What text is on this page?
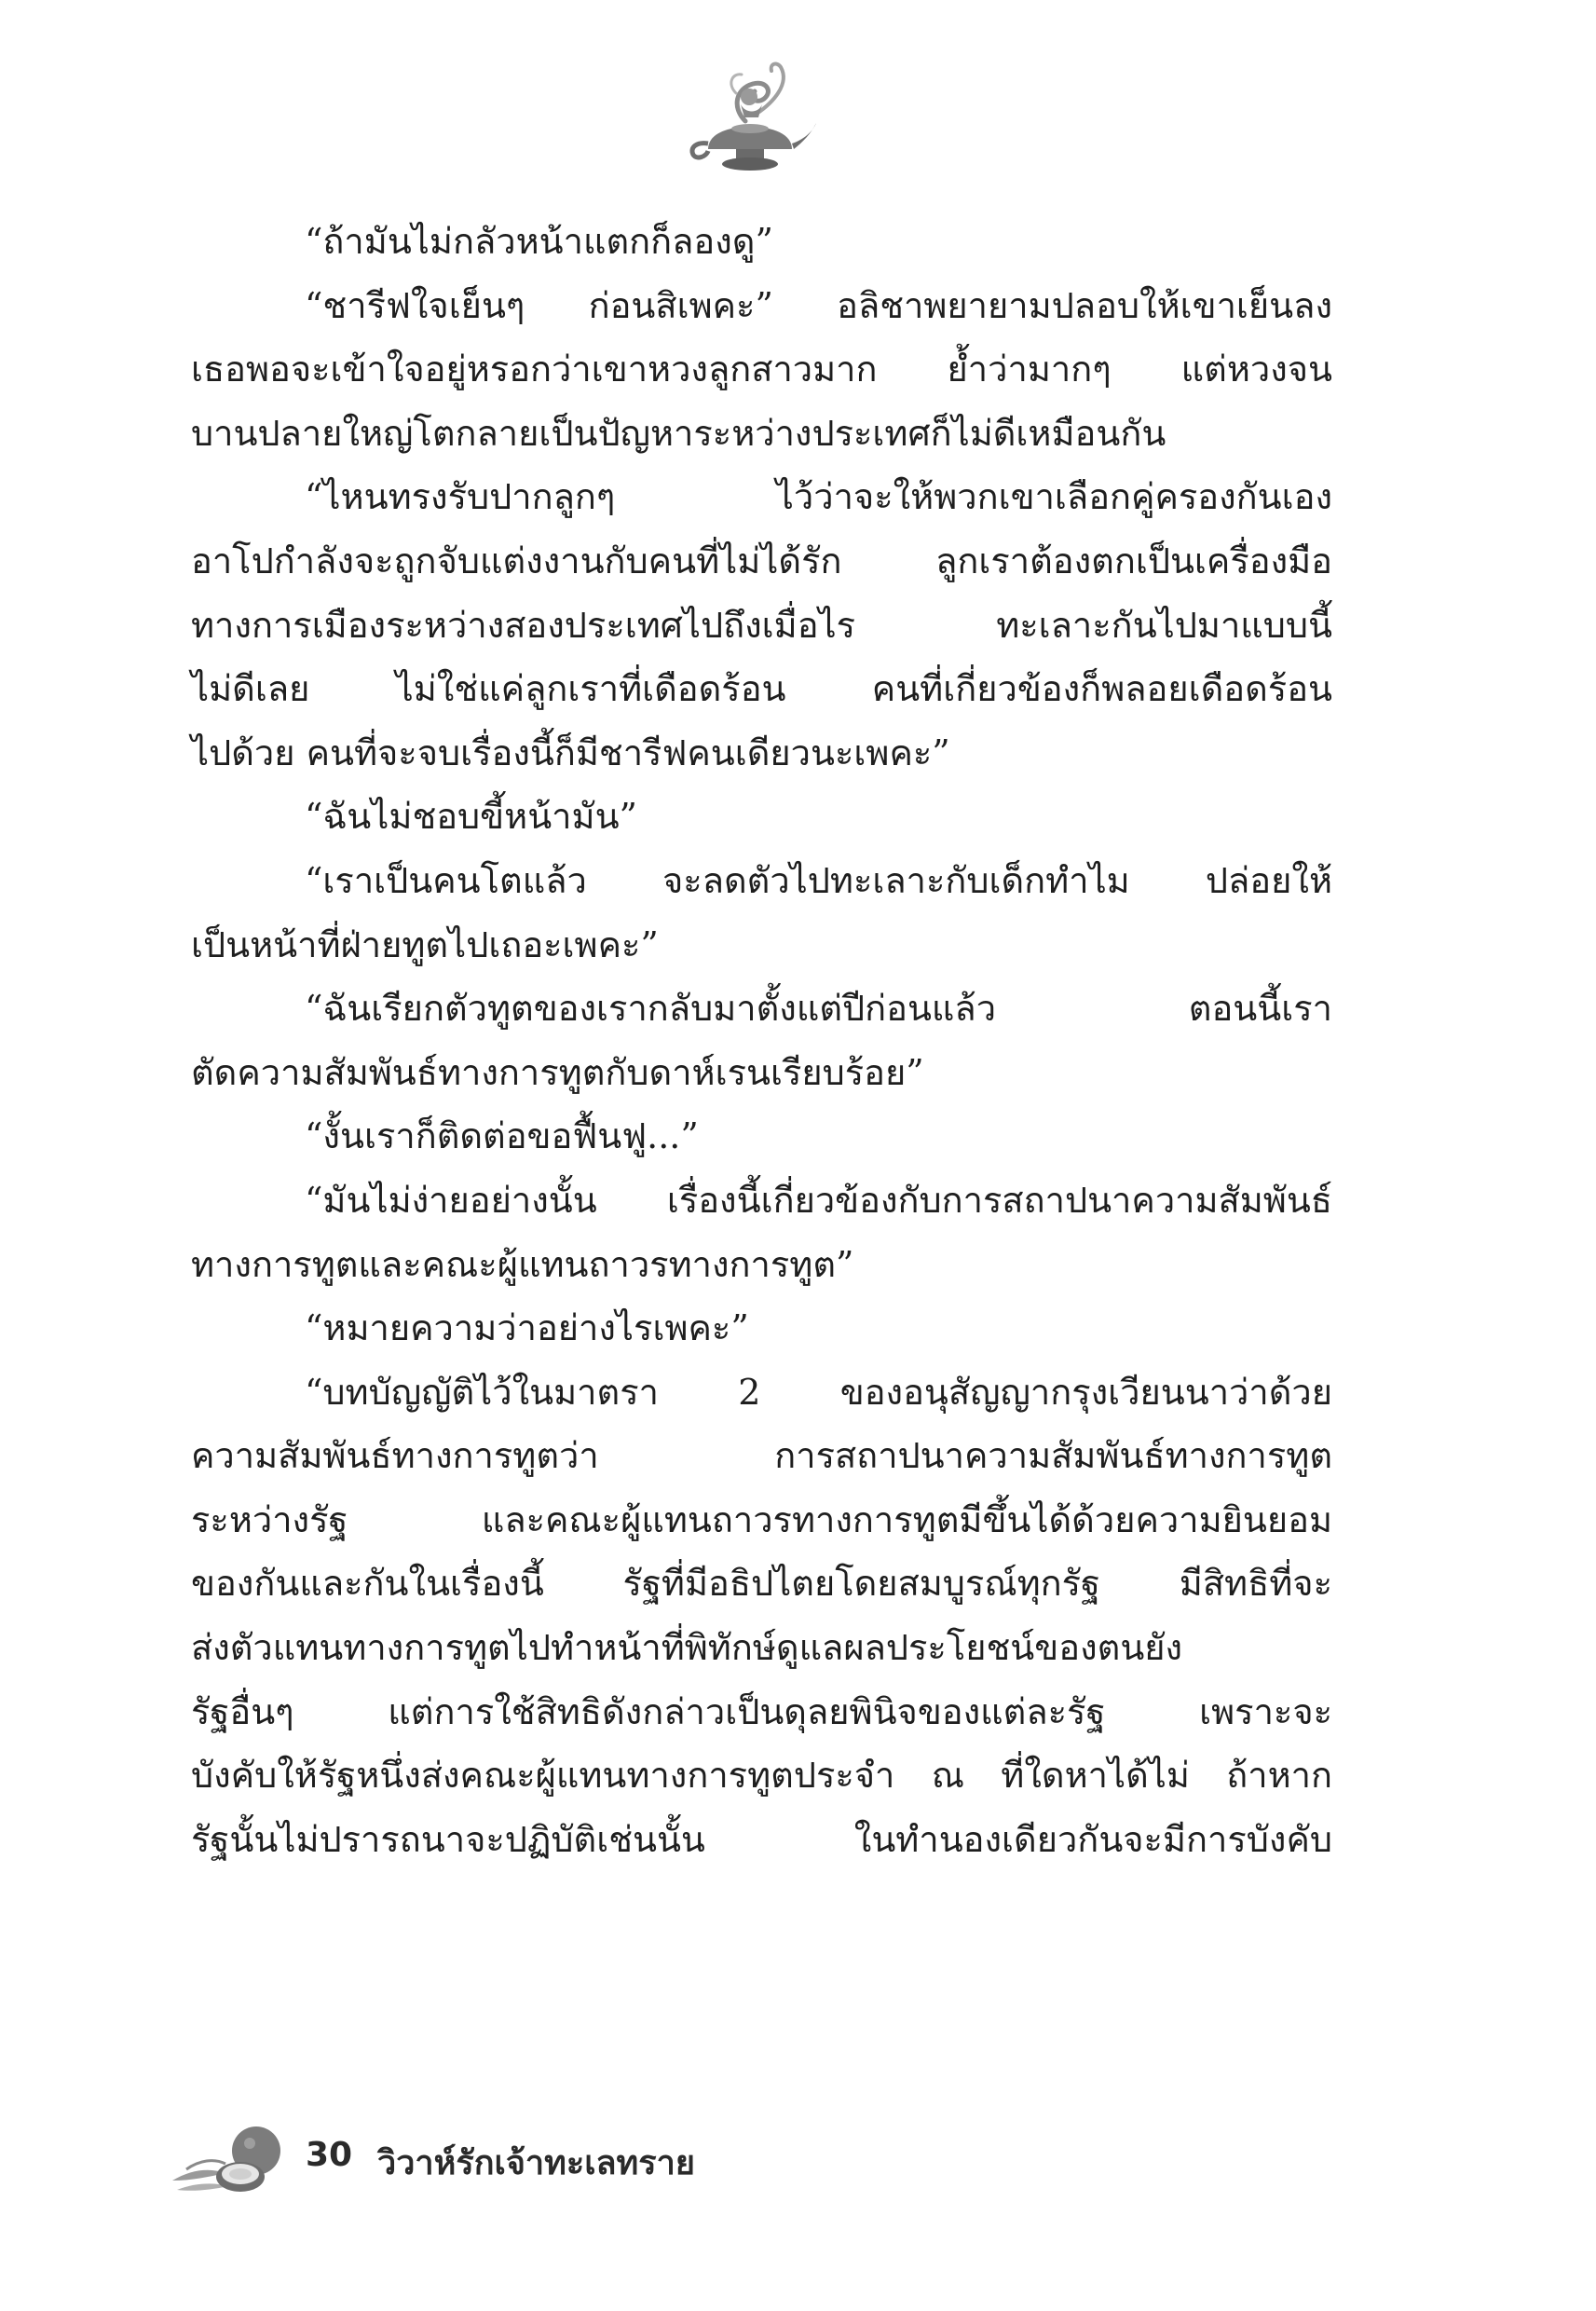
“ถ้ามันไม่กลัวหน้าแตกก็ลองดู”
“ชารีฟใจเย็นๆ ก่อนสิเพคะ” อลิชาพยายามปลอบให้เขาเย็นลง
เธอพอจะเข้าใจอยู่หรอกว่าเขาหวงลูกสาวมาก ย้ำว่ามากๆ แต่หวงจน
บานปลายใหญ่โตกลายเป็นปัญหาระหว่างประเทศก็ไม่ดีเหมือนกัน
“ไหนทรงรับปากลูกๆ ไว้ว่าจะให้พวกเขาเลือกคู่ครองกันเอง
อาโปกำลังจะถูกจับแต่งงานกับคนที่ไม่ได้รัก ลูกเราต้องตกเป็นเครื่องมือ
ทางการเมืองระหว่างสองประเทศไปถึงเมื่อไร ทะเลาะกันไปมาแบบนี้
ไม่ดีเลย ไม่ใช่แค่ลูกเราที่เดือดร้อน คนที่เกี่ยวข้องก็พลอยเดือดร้อน
ไปด้วย คนที่จะจบเรื่องนี้ก็มีชารีฟคนเดียวนะเพคะ”
“ฉันไม่ชอบขี้หน้ามัน”
“เราเป็นคนโตแล้ว จะลดตัวไปทะเลาะกับเด็กทำไม ปล่อยให้
เป็นหน้าที่ฝ่ายทูตไปเถอะเพคะ”
“ฉันเรียกตัวทูตของเรากลับมาตั้งแต่ปีก่อนแล้ว ตอนนี้เรา
ตัดความสัมพันธ์ทางการทูตกับดาห์เรนเรียบร้อย”
“งั้นเราก็ติดต่อขอฟื้นฟู...”
“มันไม่ง่ายอย่างนั้น เรื่องนี้เกี่ยวข้องกับการสถาปนาความสัมพันธ์
ทางการทูตและคณะผู้แทนถาวรทางการทูต”
“หมายความว่าอย่างไรเพคะ”
“บทบัญญัติไว้ในมาตรา 2 ของอนุสัญญากรุงเวียนนาว่าด้วย
ความสัมพันธ์ทางการทูตว่า การสถาปนาความสัมพันธ์ทางการทูต
ระหว่างรัฐ และคณะผู้แทนถาวรทางการทูตมีขึ้นได้ด้วยความยินยอม
ของกันและกันในเรื่องนี้ รัฐที่มีอธิปไตยโดยสมบูรณ์ทุกรัฐ มีสิทธิที่จะ
ส่งตัวแทนทางการทูตไปทำหน้าที่พิทักษ์ดูแลผลประโยชน์ของตนยัง
รัฐอื่นๆ แต่การใช้สิทธิดังกล่าวเป็นดุลยพินิจของแต่ละรัฐ เพราะจะ
บังคับให้รัฐหนึ่งส่งคณะผู้แทนทางการทูตประจำ ณ ที่ใดหาได้ไม่ ถ้าหาก
รัฐนั้นไม่ปรารถนาจะปฏิบัติเช่นนั้น ในทำนองเดียวกันจะมีการบังคับ
30 วิวาห์รักเจ้าทะเลทราย
